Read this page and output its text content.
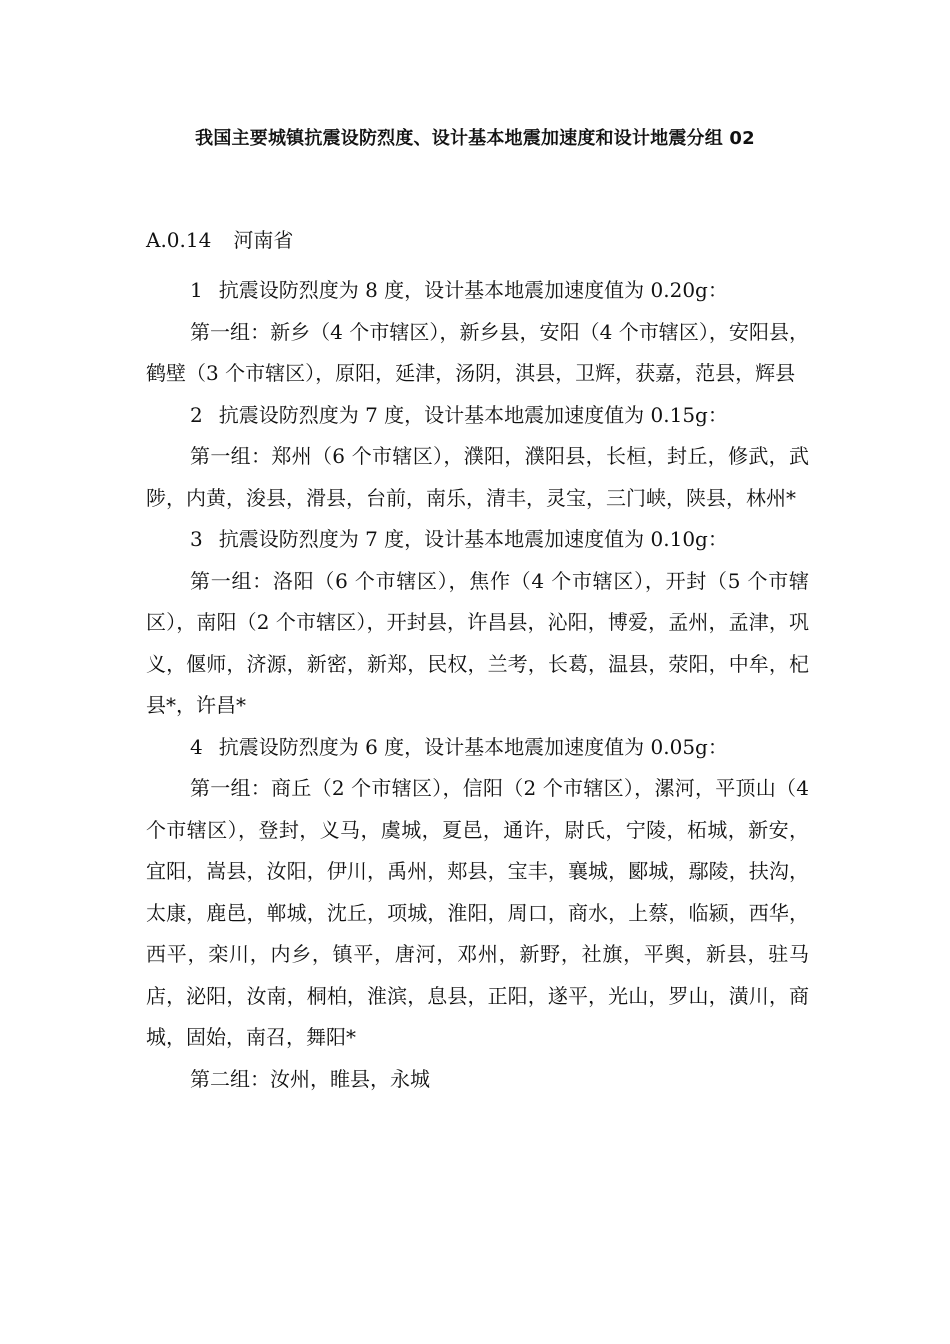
我国主要城镇抗震设防烈度、设计基本地震加速度和设计地震分组 02
A.0.14 河南省

1 抗震设防烈度为 8 度，设计基本地震加速度值为 0.20g：

第一组：新乡（4 个市辖区），新乡县，安阳（4 个市辖区），安阳县，鹤壁（3 个市辖区），原阳，延津，汤阴，淇县，卫辉，获嘉，范县，辉县

2 抗震设防烈度为 7 度，设计基本地震加速度值为 0.15g：

第一组：郑州（6 个市辖区），濮阳，濮阳县，长桓，封丘，修武，武陟，内黄，浚县，滑县，台前，南乐，清丰，灵宝，三门峡，陕县，林州*

3 抗震设防烈度为 7 度，设计基本地震加速度值为 0.10g：

第一组：洛阳（6 个市辖区），焦作（4 个市辖区），开封（5 个市辖区），南阳（2 个市辖区），开封县，许昌县，沁阳，博爱，孟州，孟津，巩义，偃师，济源，新密，新郑，民权，兰考，长葛，温县，荥阳，中牟，杞县*，许昌*

4 抗震设防烈度为 6 度，设计基本地震加速度值为 0.05g：

第一组：商丘（2 个市辖区），信阳（2 个市辖区），漯河，平顶山（4 个市辖区），登封，义马，虞城，夏邑，通许，尉氏，宁陵，柘城，新安，宜阳，嵩县，汝阳，伊川，禹州，郏县，宝丰，襄城，郾城，鄢陵，扶沟，太康，鹿邑，郸城，沈丘，项城，淮阳，周口，商水，上蔡，临颍，西华，西平，栾川，内乡，镇平，唐河，邓州，新野，社旗，平舆，新县，驻马店，泌阳，汝南，桐柏，淮滨，息县，正阳，遂平，光山，罗山，潢川，商城，固始，南召，舞阳*

第二组：汝州，睢县，永城
